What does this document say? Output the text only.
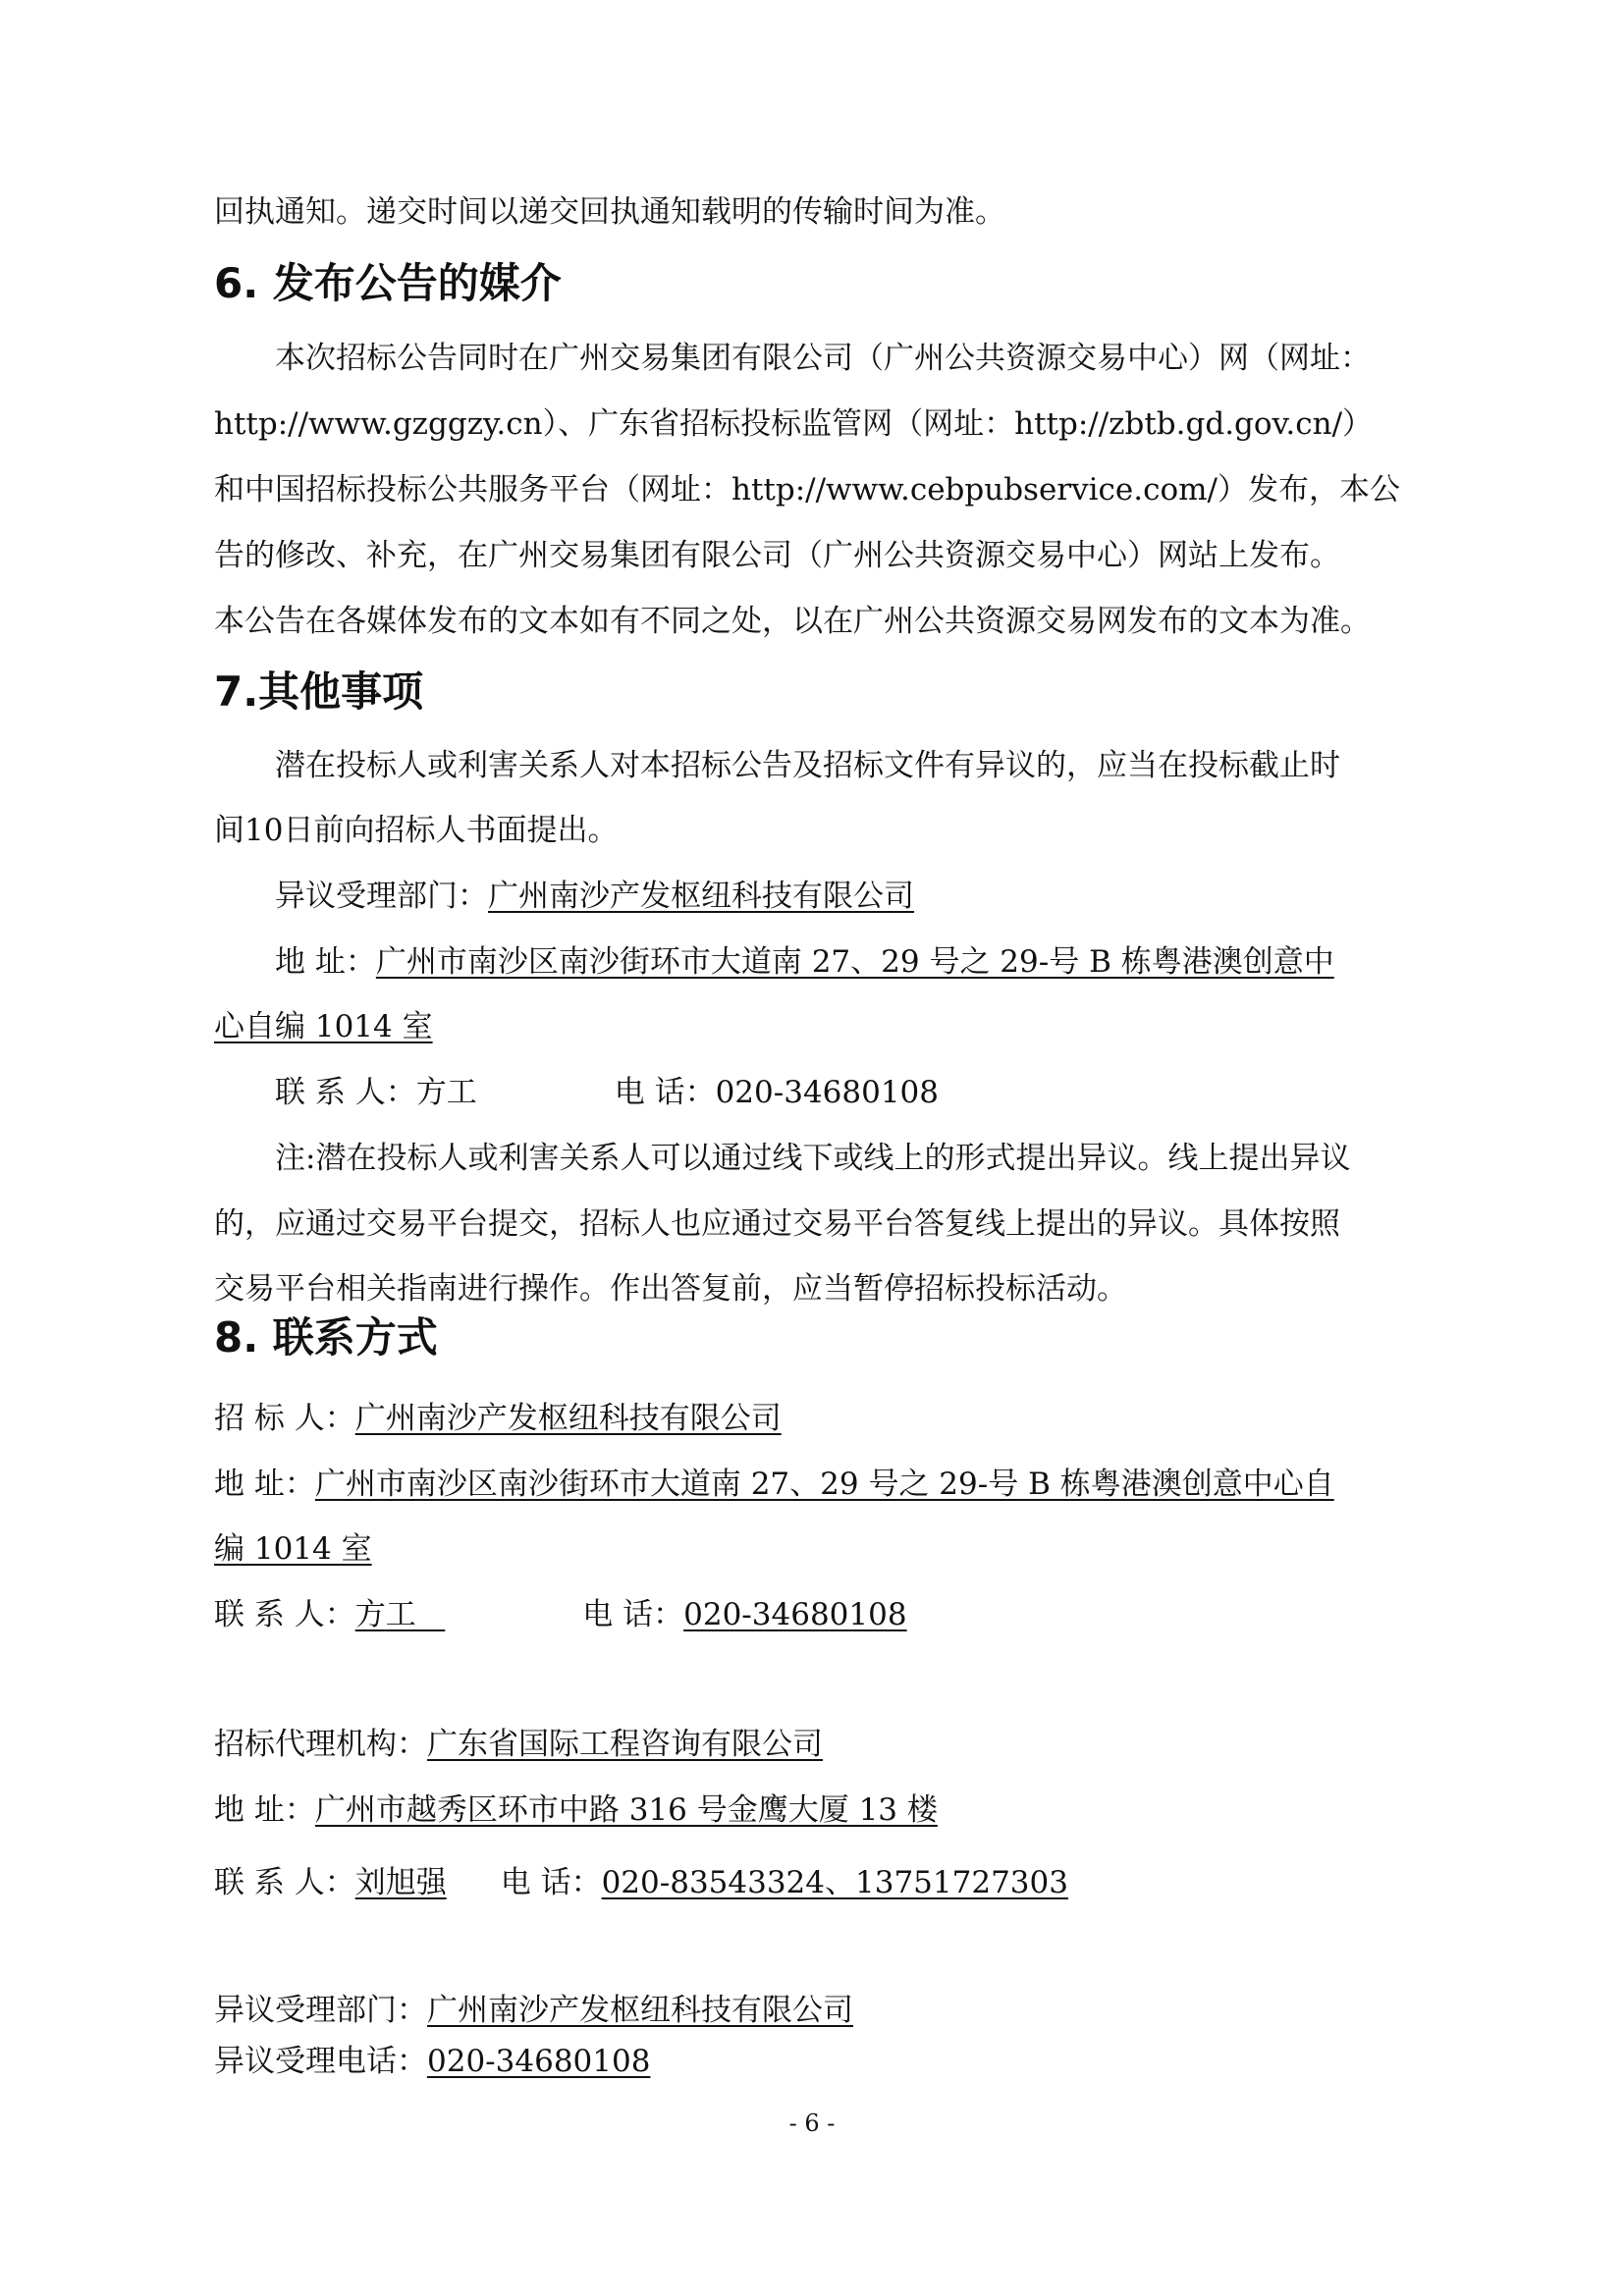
回执通知。递交时间以递交回执通知载明的传输时间为准。
6. 发布公告的媒介
本次招标公告同时在广州交易集团有限公司（广州公共资源交易中心）网（网址：
http://www.gzggzy.cn）、广东省招标投标监管网（网址：http://zbtb.gd.gov.cn/）
和中国招标投标公共服务平台（网址：http://www.cebpubservice.com/）发布，本公
告的修改、补充，在广州交易集团有限公司（广州公共资源交易中心）网站上发布。
本公告在各媒体发布的文本如有不同之处，以在广州公共资源交易网发布的文本为准。
7.其他事项
潜在投标人或利害关系人对本招标公告及招标文件有异议的，应当在投标截止时
间10日前向招标人书面提出。
异议受理部门：广州南沙产发枢纽科技有限公司
地 址：广州市南沙区南沙街环市大道南 27、29 号之 29-号 B 栋粤港澳创意中
心自编 1014 室
联 系 人：方工	电 话：020-34680108
注:潜在投标人或利害关系人可以通过线下或线上的形式提出异议。线上提出异议
的，应通过交易平台提交，招标人也应通过交易平台答复线上提出的异议。具体按照
交易平台相关指南进行操作。作出答复前，应当暂停招标投标活动。
8. 联系方式
招 标 人：广州南沙产发枢纽科技有限公司
地 址：广州市南沙区南沙街环市大道南 27、29 号之 29-号 B 栋粤港澳创意中心自
编 1014 室
联 系 人：方工	电 话：020-34680108
招标代理机构：广东省国际工程咨询有限公司
地 址：广州市越秀区环市中路 316 号金鹰大厦 13 楼
联 系 人：刘旭强 电 话：020-83543324、13751727303
异议受理部门：广州南沙产发枢纽科技有限公司
异议受理电话：020-34680108
- 6 -
